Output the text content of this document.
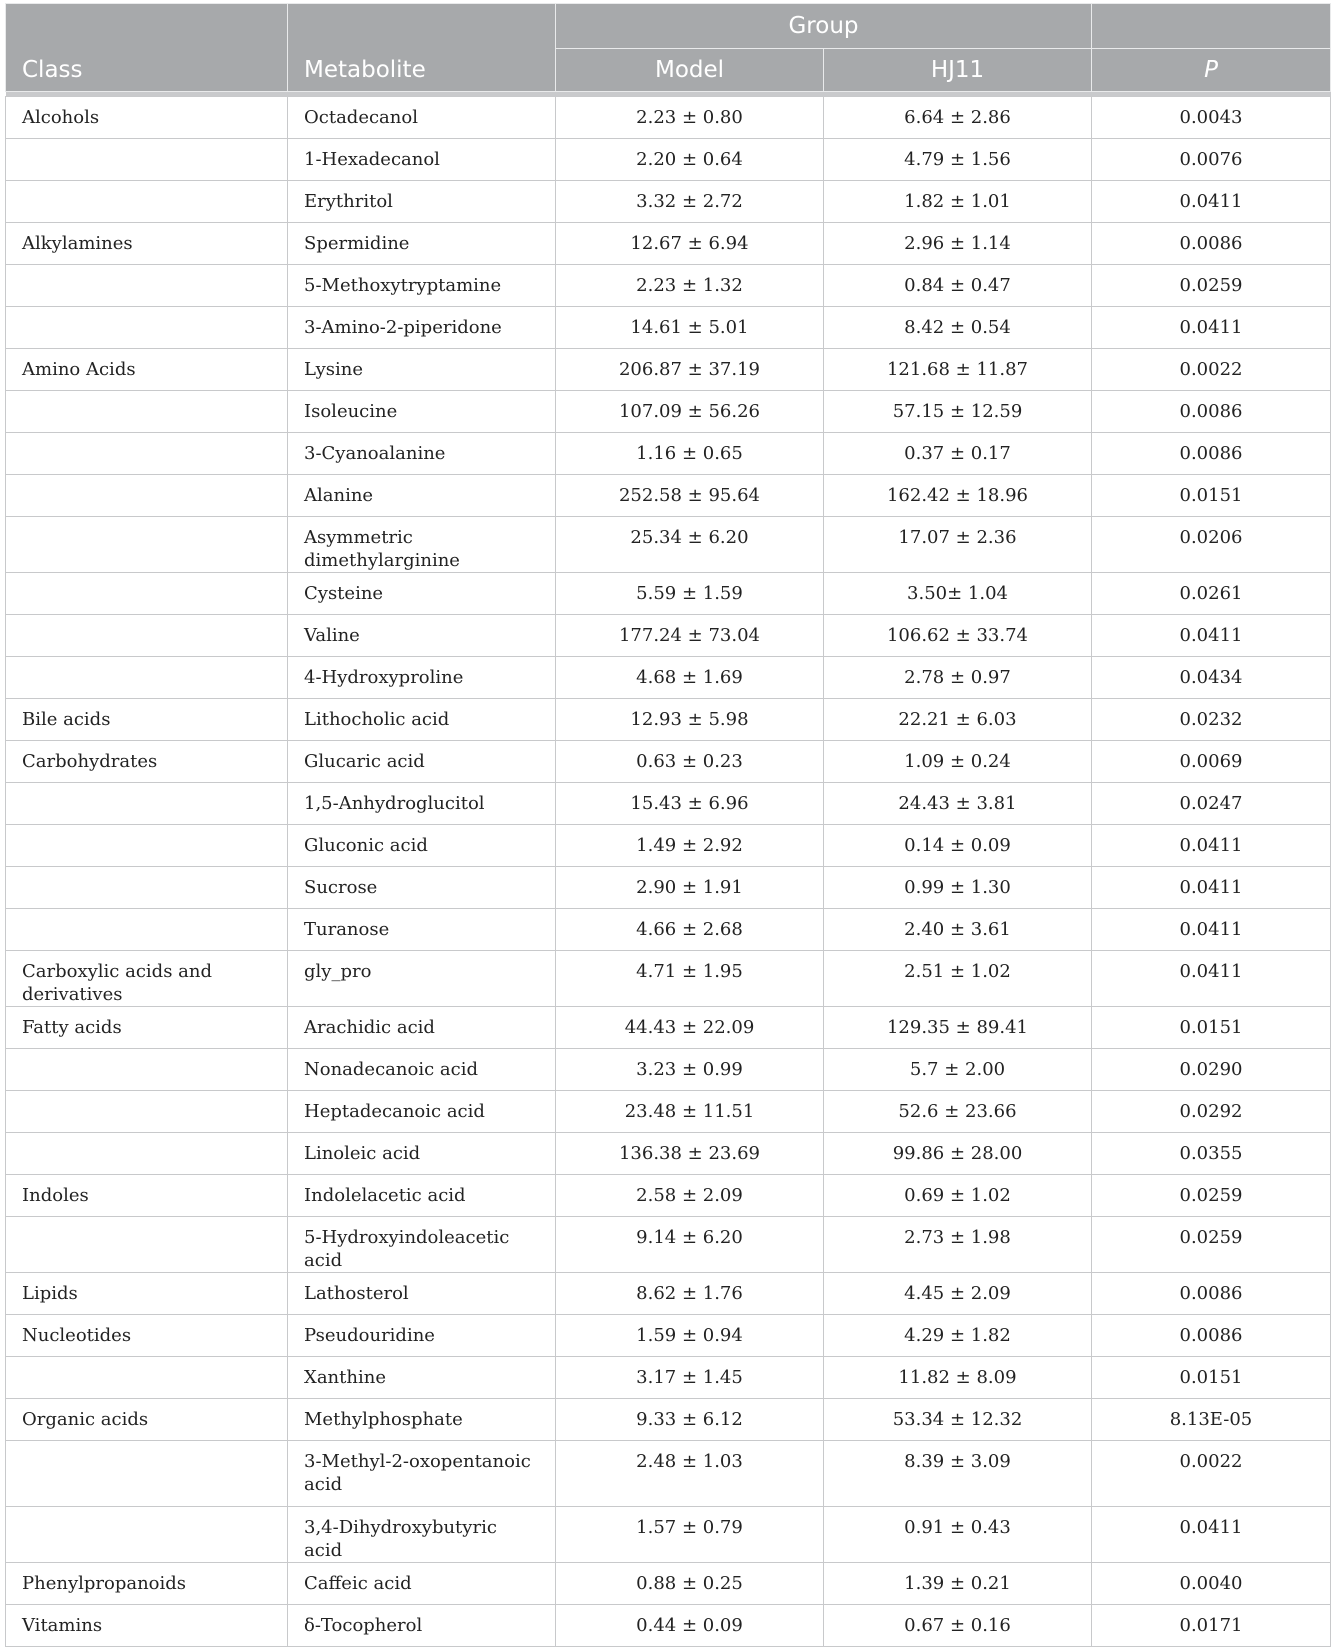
Class	Metabolite	Group		
		Model	HJ11	P

Alcohols	Octadecanol	2.23 ± 0.80	6.64 ± 2.86	0.0043
	1-Hexadecanol	2.20 ± 0.64	4.79 ± 1.56	0.0076
	Erythritol	3.32 ± 2.72	1.82 ± 1.01	0.0411
Alkylamines	Spermidine	12.67 ± 6.94	2.96 ± 1.14	0.0086
	5-Methoxytryptamine	2.23 ± 1.32	0.84 ± 0.47	0.0259
	3-Amino-2-piperidone	14.61 ± 5.01	8.42 ± 0.54	0.0411
Amino Acids	Lysine	206.87 ± 37.19	121.68 ± 11.87	0.0022
	Isoleucine	107.09 ± 56.26	57.15 ± 12.59	0.0086
	3-Cyanoalanine	1.16 ± 0.65	0.37 ± 0.17	0.0086
	Alanine	252.58 ± 95.64	162.42 ± 18.96	0.0151
	Asymmetric dimethylarginine	25.34 ± 6.20	17.07 ± 2.36	0.0206
	Cysteine	5.59 ± 1.59	3.50± 1.04	0.0261
	Valine	177.24 ± 73.04	106.62 ± 33.74	0.0411
	4-Hydroxyproline	4.68 ± 1.69	2.78 ± 0.97	0.0434
Bile acids	Lithocholic acid	12.93 ± 5.98	22.21 ± 6.03	0.0232
Carbohydrates	Glucaric acid	0.63 ± 0.23	1.09 ± 0.24	0.0069
	1,5-Anhydroglucitol	15.43 ± 6.96	24.43 ± 3.81	0.0247
	Gluconic acid	1.49 ± 2.92	0.14 ± 0.09	0.0411
	Sucrose	2.90 ± 1.91	0.99 ± 1.30	0.0411
	Turanose	4.66 ± 2.68	2.40 ± 3.61	0.0411
Carboxylic acids and derivatives	gly_pro	4.71 ± 1.95	2.51 ± 1.02	0.0411
Fatty acids	Arachidic acid	44.43 ± 22.09	129.35 ± 89.41	0.0151
	Nonadecanoic acid	3.23 ± 0.99	5.7 ± 2.00	0.0290
	Heptadecanoic acid	23.48 ± 11.51	52.6 ± 23.66	0.0292
	Linoleic acid	136.38 ± 23.69	99.86 ± 28.00	0.0355
Indoles	Indolelacetic acid	2.58 ± 2.09	0.69 ± 1.02	0.0259
	5-Hydroxyindoleacetic acid	9.14 ± 6.20	2.73 ± 1.98	0.0259
Lipids	Lathosterol	8.62 ± 1.76	4.45 ± 2.09	0.0086
Nucleotides	Pseudouridine	1.59 ± 0.94	4.29 ± 1.82	0.0086
	Xanthine	3.17 ± 1.45	11.82 ± 8.09	0.0151
Organic acids	Methylphosphate	9.33 ± 6.12	53.34 ± 12.32	8.13E-05
	3-Methyl-2-oxopentanoic acid	2.48 ± 1.03	8.39 ± 3.09	0.0022
	3,4-Dihydroxybutyric acid	1.57 ± 0.79	0.91 ± 0.43	0.0411
Phenylpropanoids	Caffeic acid	0.88 ± 0.25	1.39 ± 0.21	0.0040
Vitamins	δ-Tocopherol	0.44 ± 0.09	0.67 ± 0.16	0.0171
